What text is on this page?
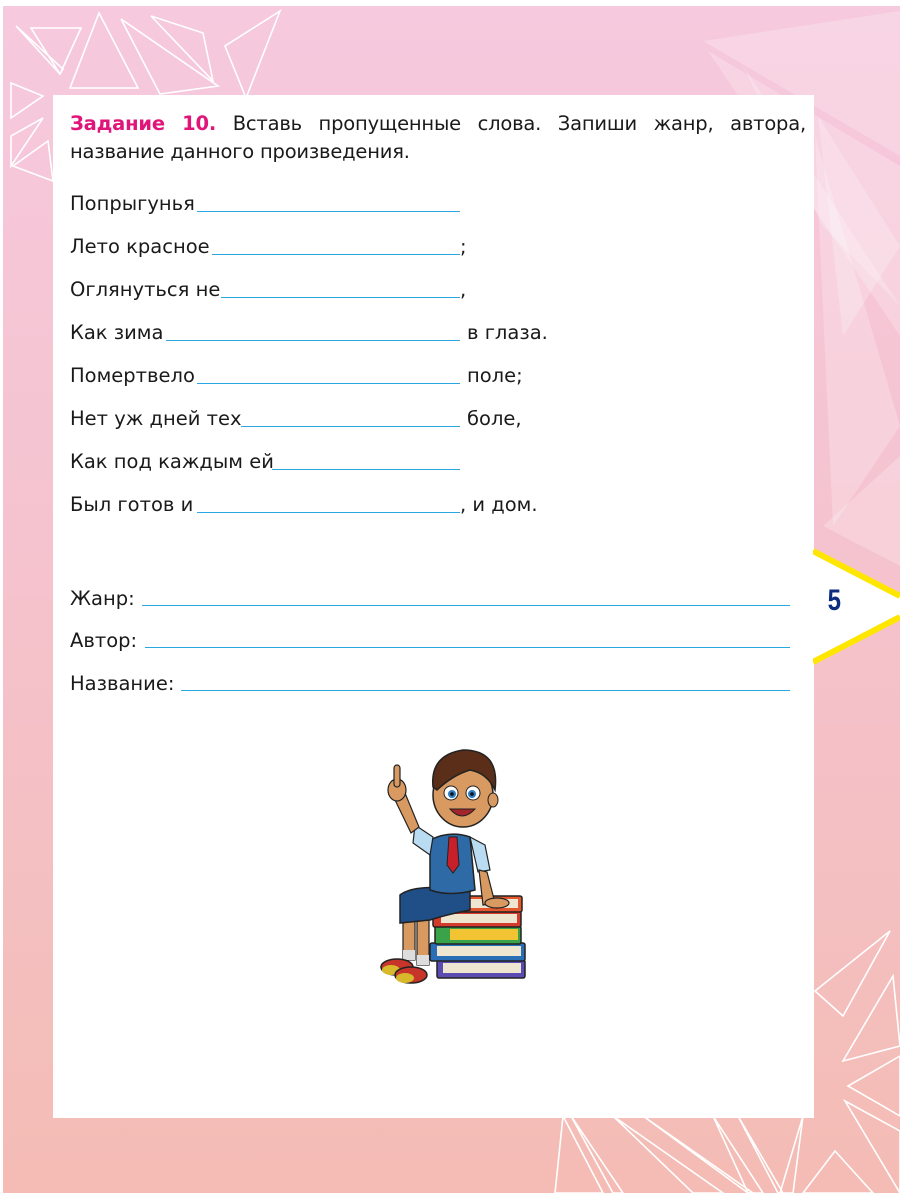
Задание 10. Вставь пропущенные слова. Запиши жанр, автора, название данного произведения.
Попрыгунья
Лето красное	;
Оглянуться не	,
Как зима	в глаза.
Помертвело	поле;
Нет уж дней тех	боле,
Как под каждым ей
Был готов и	, и дом.
Жанр:
Автор:
Название:
5
